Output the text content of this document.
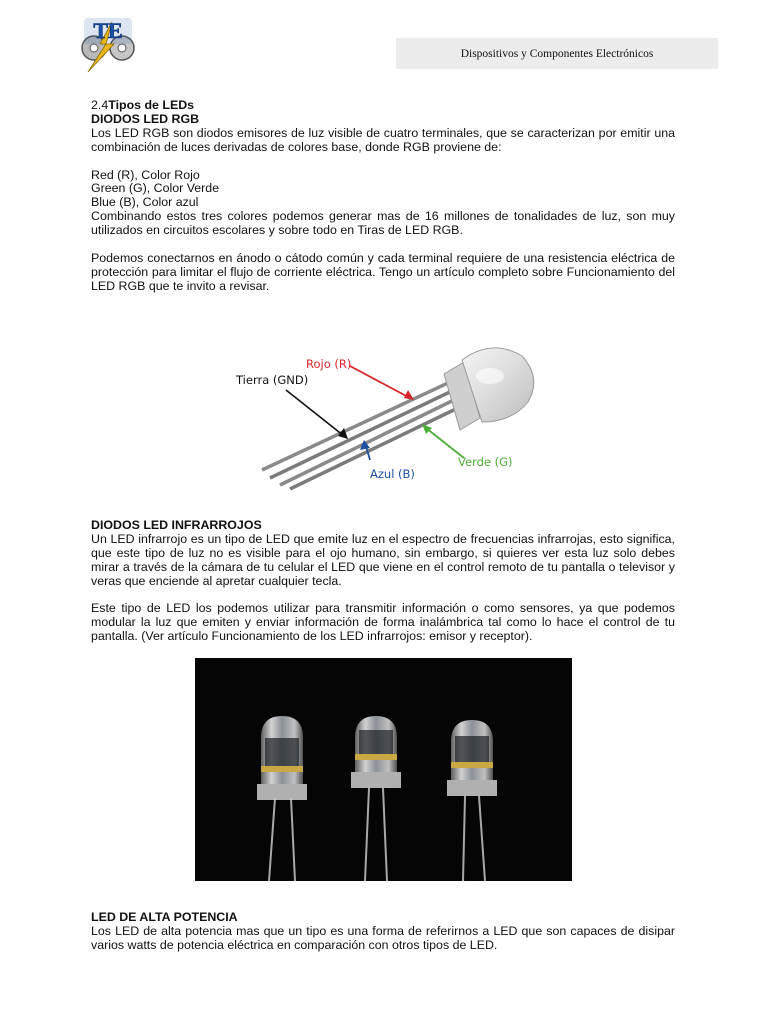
TE
Dispositivos y Componentes Electrónicos
2.4Tipos de LEDs
DIODOS LED RGB

Los LED RGB son diodos emisores de luz visible de cuatro terminales, que se caracterizan por emitir una combinación de luces derivadas de colores base, donde RGB proviene de:

Red (R), Color Rojo
Green (G), Color Verde
Blue (B), Color azul

Combinando estos tres colores podemos generar mas de 16 millones de tonalidades de luz, son muy utilizados en circuitos escolares y sobre todo en Tiras de LED RGB.

Podemos conectarnos en ánodo o cátodo común y cada terminal requiere de una resistencia eléctrica de protección para limitar el flujo de corriente eléctrica. Tengo un artículo completo sobre Funcionamiento del LED RGB que te invito a revisar.

Rojo (R)
Tierra (GND)
Azul (B)
Verde (G)
DIODOS LED INFRARROJOS

Un LED infrarrojo es un tipo de LED que emite luz en el espectro de frecuencias infrarrojas, esto significa, que este tipo de luz no es visible para el ojo humano, sin embargo, si quieres ver esta luz solo debes mirar a través de la cámara de tu celular el LED que viene en el control remoto de tu pantalla o televisor y veras que enciende al apretar cualquier tecla.

Este tipo de LED los podemos utilizar para transmitir información o como sensores, ya que podemos modular la luz que emiten y enviar información de forma inalámbrica tal como lo hace el control de tu pantalla. (Ver artículo Funcionamiento de los LED infrarrojos: emisor y receptor).

LED DE ALTA POTENCIA

Los LED de alta potencia mas que un tipo es una forma de referirnos a LED que son capaces de disipar varios watts de potencia eléctrica en comparación con otros tipos de LED.
